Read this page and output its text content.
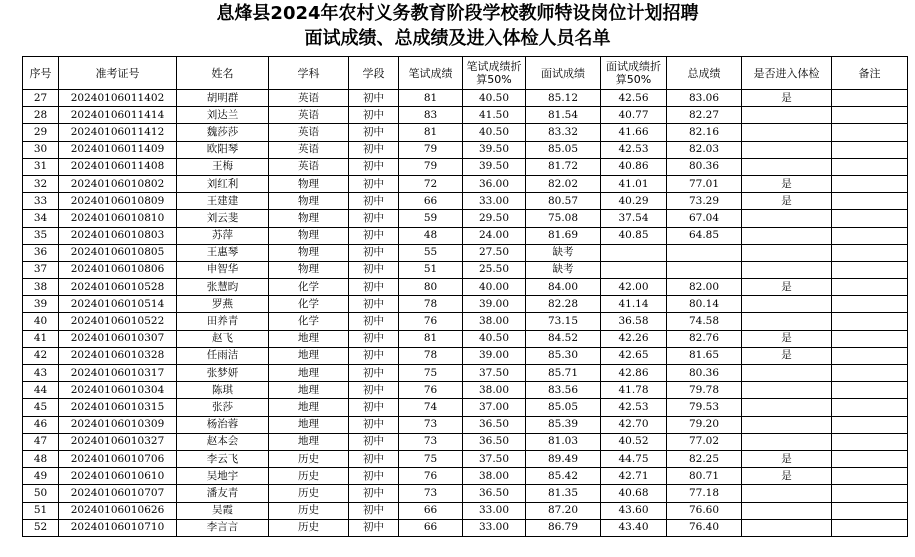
息烽县2024年农村义务教育阶段学校教师特设岗位计划招聘
面试成绩、总成绩及进入体检人员名单
序号	准考证号	姓名	学科	学段	笔试成绩	笔试成绩折算50%	面试成绩	面试成绩折算50%	总成绩	是否进入体检	备注
27	20240106011402	胡明群	英语	初中	81	40.50	85.12	42.56	83.06	是	
28	20240106011414	刘达兰	英语	初中	83	41.50	81.54	40.77	82.27		
29	20240106011412	魏莎莎	英语	初中	81	40.50	83.32	41.66	82.16		
30	20240106011409	欧阳琴	英语	初中	79	39.50	85.05	42.53	82.03		
31	20240106011408	王梅	英语	初中	79	39.50	81.72	40.86	80.36		
32	20240106010802	刘红利	物理	初中	72	36.00	82.02	41.01	77.01	是	
33	20240106010809	王建建	物理	初中	66	33.00	80.57	40.29	73.29	是	
34	20240106010810	刘云斐	物理	初中	59	29.50	75.08	37.54	67.04		
35	20240106010803	苏萍	物理	初中	48	24.00	81.69	40.85	64.85		
36	20240106010805	王惠琴	物理	初中	55	27.50	缺考				
37	20240106010806	申智华	物理	初中	51	25.50	缺考				
38	20240106010528	张慧昀	化学	初中	80	40.00	84.00	42.00	82.00	是	
39	20240106010514	罗燕	化学	初中	78	39.00	82.28	41.14	80.14		
40	20240106010522	田养青	化学	初中	76	38.00	73.15	36.58	74.58		
41	20240106010307	赵飞	地理	初中	81	40.50	84.52	42.26	82.76	是	
42	20240106010328	任雨洁	地理	初中	78	39.00	85.30	42.65	81.65	是	
43	20240106010317	张梦妍	地理	初中	75	37.50	85.71	42.86	80.36		
44	20240106010304	陈琪	地理	初中	76	38.00	83.56	41.78	79.78		
45	20240106010315	张莎	地理	初中	74	37.00	85.05	42.53	79.53		
46	20240106010309	杨治蓉	地理	初中	73	36.50	85.39	42.70	79.20		
47	20240106010327	赵本会	地理	初中	73	36.50	81.03	40.52	77.02		
48	20240106010706	李云飞	历史	初中	75	37.50	89.49	44.75	82.25	是	
49	20240106010610	吴地宇	历史	初中	76	38.00	85.42	42.71	80.71	是	
50	20240106010707	潘友青	历史	初中	73	36.50	81.35	40.68	77.18		
51	20240106010626	吴霞	历史	初中	66	33.00	87.20	43.60	76.60		
52	20240106010710	李言言	历史	初中	66	33.00	86.79	43.40	76.40		
